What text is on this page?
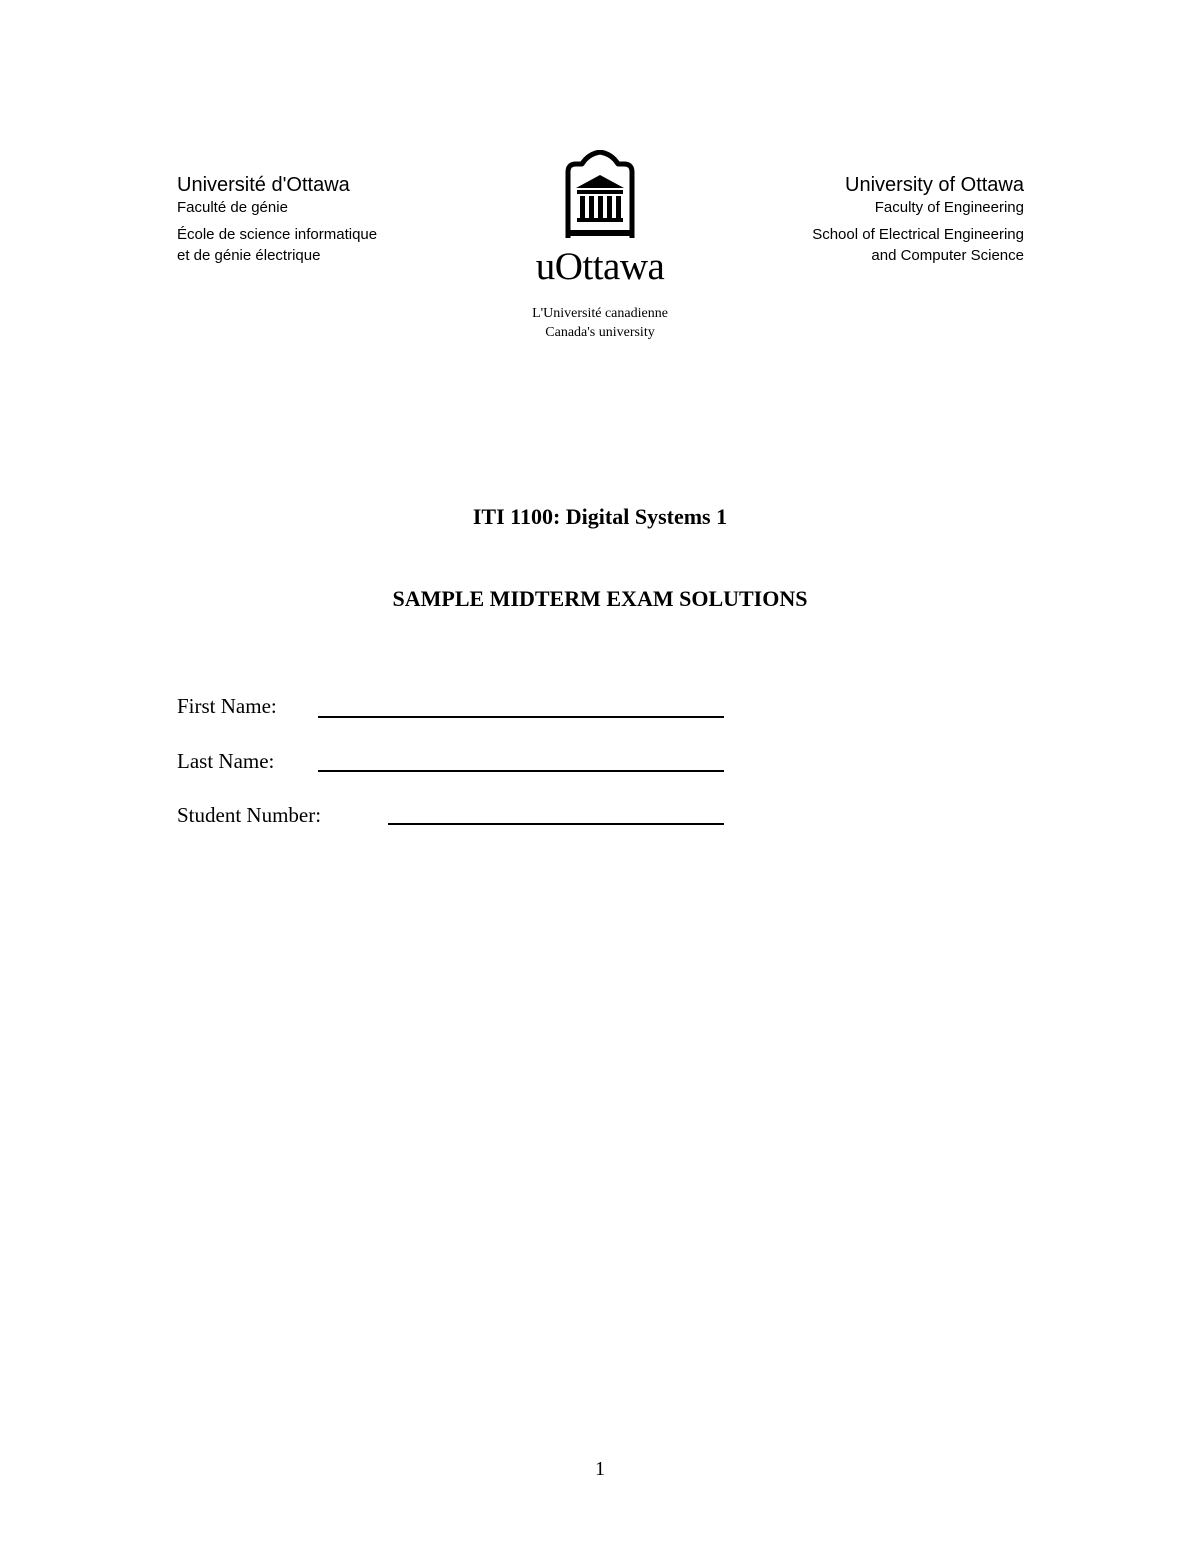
Université d'Ottawa
Faculté de génie
École de science informatique
et de génie électrique	uOttawa
L'Université canadienne
Canada's university
University of Ottawa
Faculty of Engineering
School of Electrical Engineering
and Computer Science
ITI 1100: Digital Systems 1
SAMPLE MIDTERM EXAM SOLUTIONS
First Name:
Last Name:
Student Number:
1
